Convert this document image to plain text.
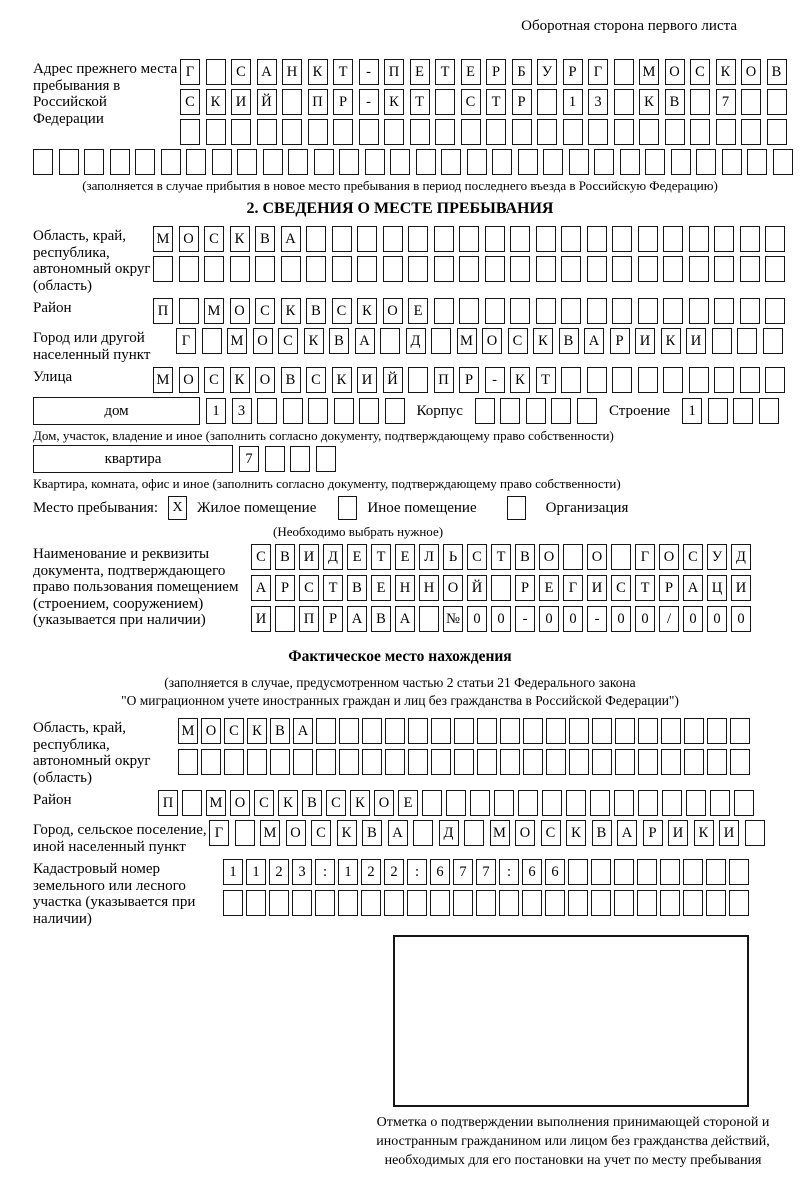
Оборотная сторона первого листа
Адрес прежнего места пребывания в Российской Федерации
Г	С	А	Н	К	Т	-	П	Е	Т	Е	Р	Б	У	Р	Г	М О	С	К	О	В
С	К	И	Й	П	Р	-	К	Т	С	Т	Р	1	3	К	В	7
(заполняется в случае прибытия в новое место пребывания в период последнего въезда в Российскую Федерацию)
2. СВЕДЕНИЯ О МЕСТЕ ПРЕБЫВАНИЯ
Область, край, республика, автономный округ (область)
М О	С	К	В	А
Район	П	М О	С	К	В	С	К	О	Е
Город или другой населенный пункт
Г	М О	С	К	В	А	Д	М О	С	К	В	А	Р	И	К	И
Улица	М О	С	К	О	В	С	К	И	Й	П	Р	-	К	Т
дом	1	3	Корпус	Строение	1
Дом, участок, владение и иное (заполнить согласно документу, подтверждающему право собственности)
квартира	7
Квартира, комната, офис и иное (заполнить согласно документу, подтверждающему право собственности)
Место пребывания:	Х Жилое помещение	Иное помещение	Организация
(Необходимо выбрать нужное)
Наименование и реквизиты документа, подтверждающего право пользования помещением (строением, сооружением) (указывается при наличии)
С В И Д	Е	Т	Е	Л	Ь	С	Т	В О	О	Г	О С У Д
А	Р	С	Т	В	Е Н Н О Й	Р	Е	Г	И С	Т	Р	А Ц И
И	П	Р	А В А	№ 0	0	-	0	0	-	0	0	/	0	0	0
Фактическое место нахождения
(заполняется в случае, предусмотренном частью 2 статьи 21 Федерального закона
"О миграционном учете иностранных граждан и лиц без гражданства в Российской Федерации")
Область, край, республика, автономный округ (область)
М О С К В А
Район	П	М О С К В С К О Е
Город, сельское поселение, иной населенный пункт
Г	М О	С	К	В	А	Д	М О	С	К	В	А	Р	И	К	И
Кадастровый номер земельного или лесного участка (указывается при наличии)
1	1	2	3	:	1	2	2	:	6	7	7	:	6	6
Отметка о подтверждении выполнения принимающей стороной и иностранным гражданином или лицом без гражданства действий, необходимых для его постановки на учет по месту пребывания
